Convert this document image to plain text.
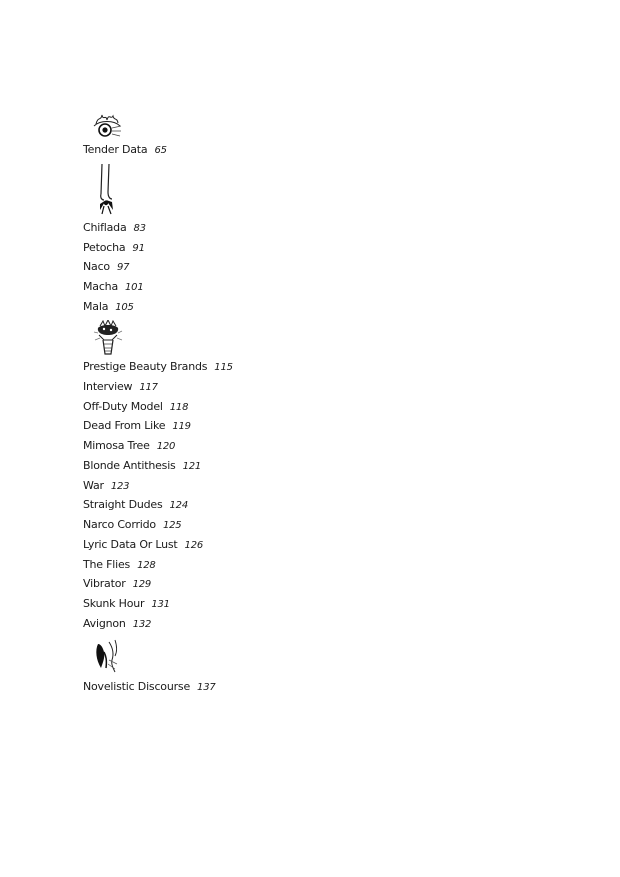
Tender Data 65
Chiflada 83
Petocha 91
Naco 97
Macha 101
Mala 105
Prestige Beauty Brands 115
Interview 117
Off-Duty Model 118
Dead From Like 119
Mimosa Tree 120
Blonde Antithesis 121
War 123
Straight Dudes 124
Narco Corrido 125
Lyric Data Or Lust 126
The Flies 128
Vibrator 129
Skunk Hour 131
Avignon 132
Novelistic Discourse 137
